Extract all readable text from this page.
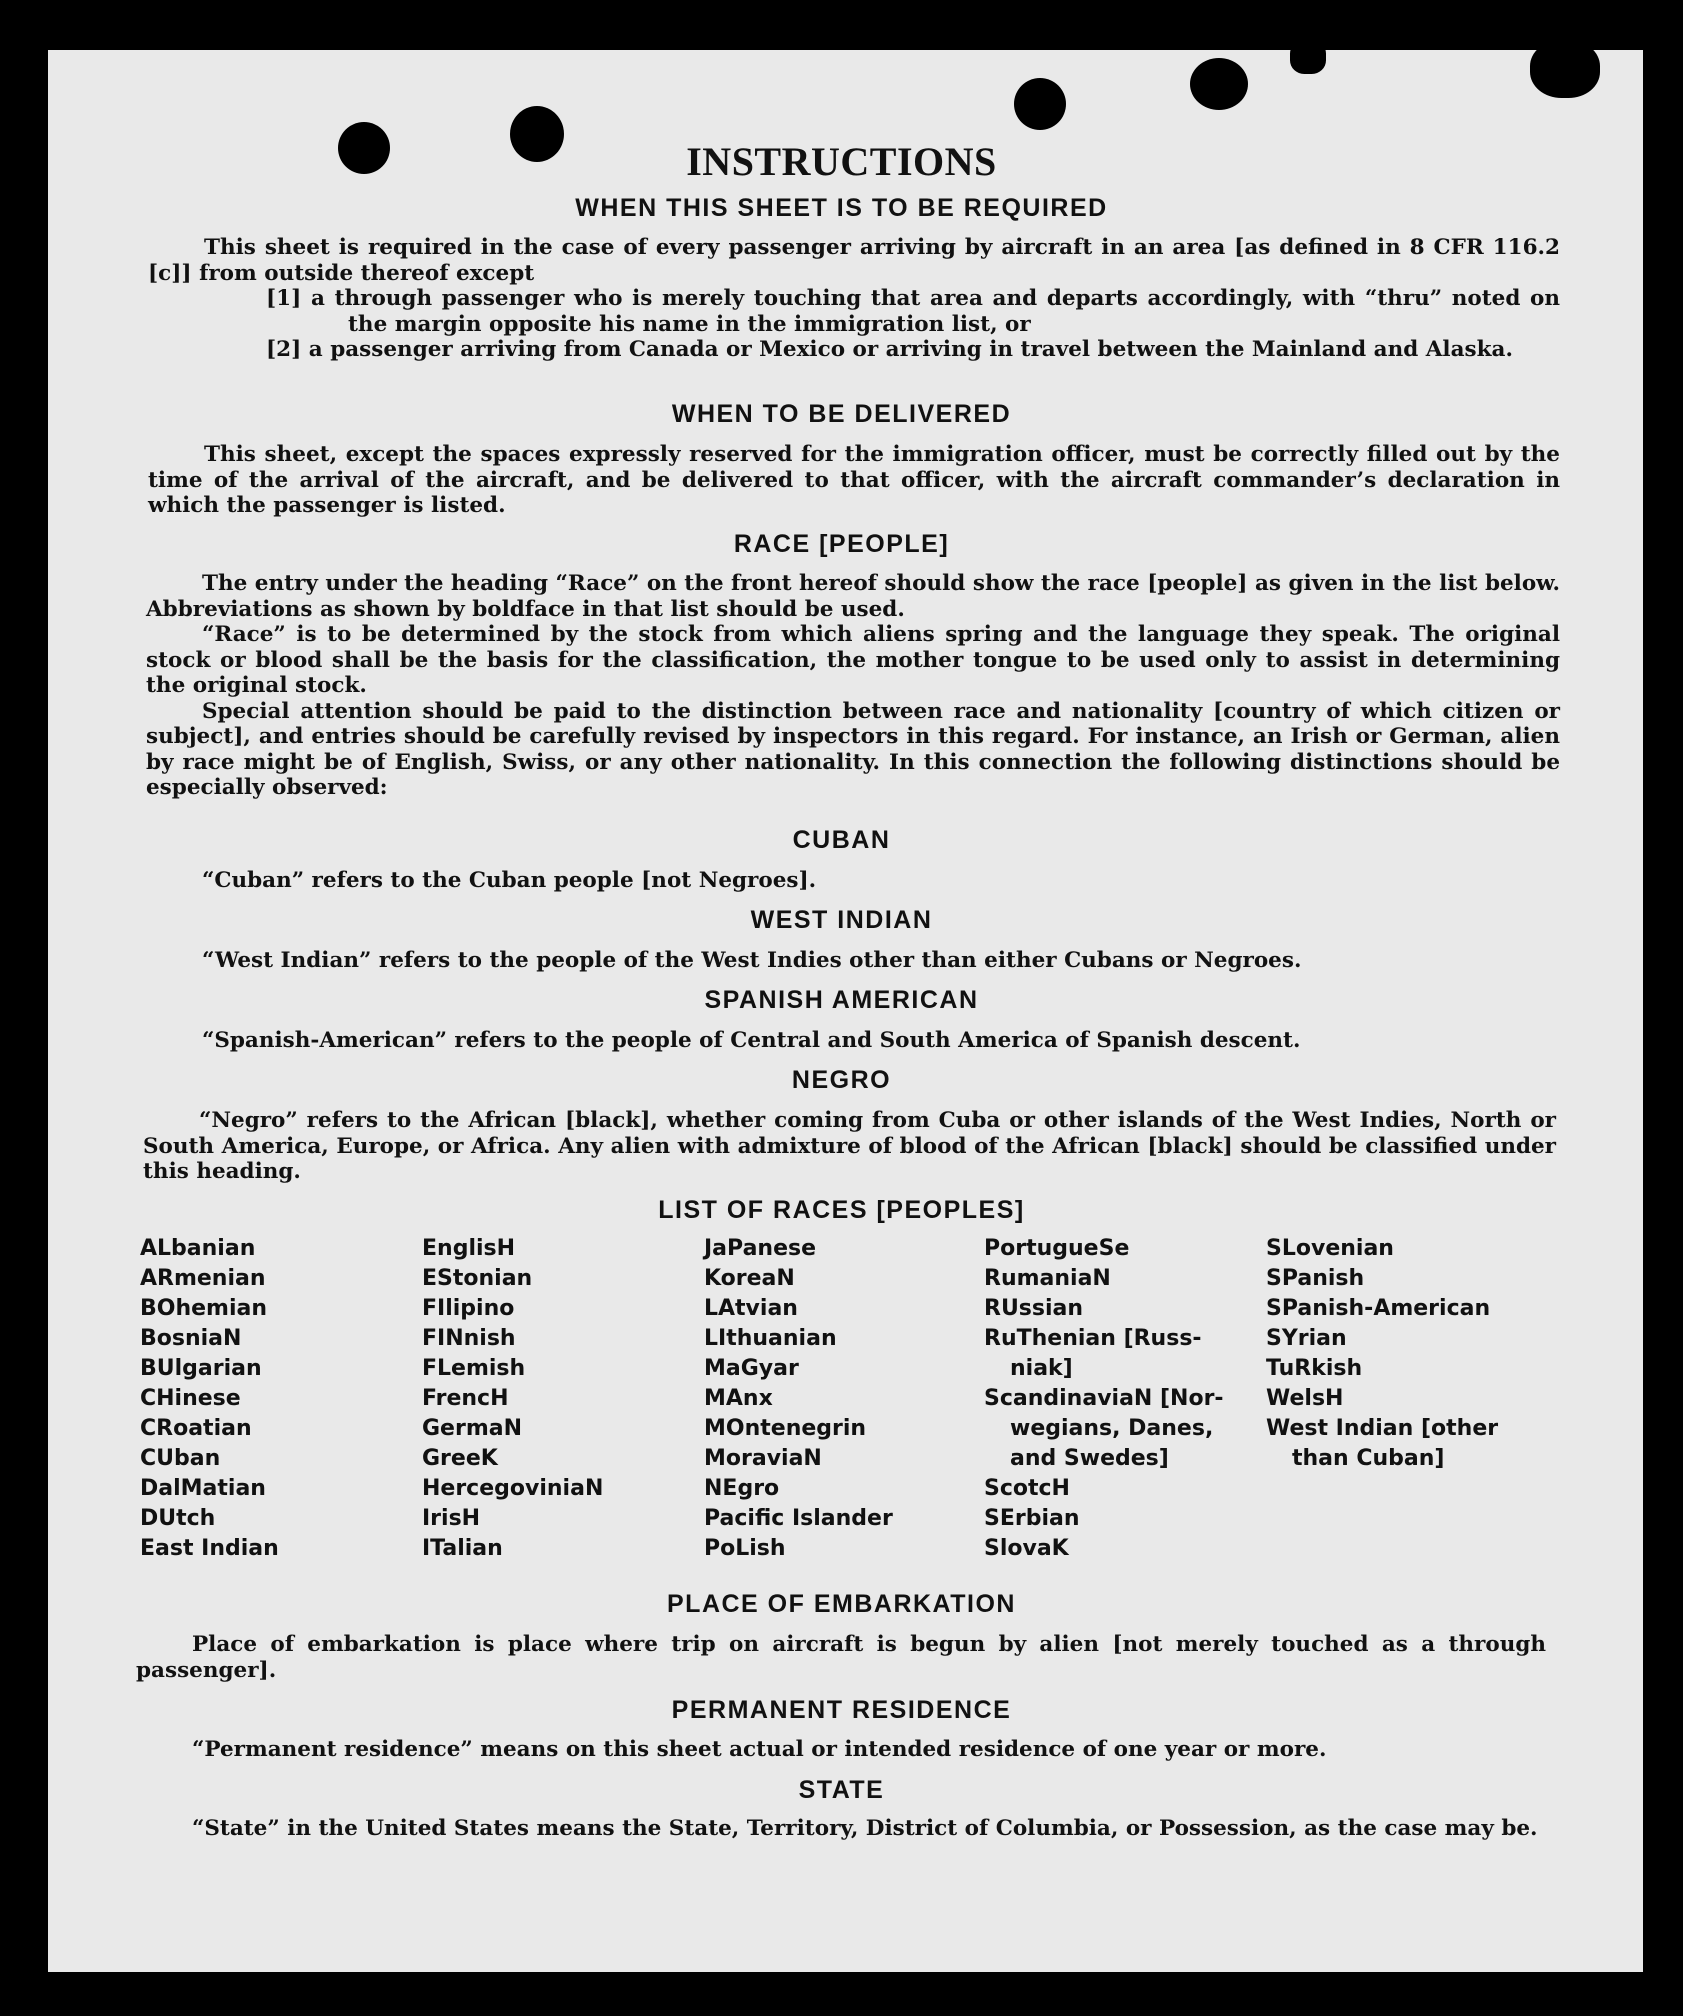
INSTRUCTIONS
WHEN THIS SHEET IS TO BE REQUIRED

This sheet is required in the case of every passenger arriving by aircraft in an area [as defined in 8 CFR 116.2 [c]] from outside thereof except

[1] a through passenger who is merely touching that area and departs accordingly, with “thru” noted on the margin opposite his name in the immigration list, or

[2] a passenger arriving from Canada or Mexico or arriving in travel between the Mainland and Alaska.

WHEN TO BE DELIVERED

This sheet, except the spaces expressly reserved for the immigration officer, must be correctly filled out by the time of the arrival of the aircraft, and be delivered to that officer, with the aircraft commander’s declaration in which the passenger is listed.

RACE [PEOPLE]

The entry under the heading “Race” on the front hereof should show the race [people] as given in the list below. Abbreviations as shown by boldface in that list should be used.

“Race” is to be determined by the stock from which aliens spring and the language they speak. The original stock or blood shall be the basis for the classification, the mother tongue to be used only to assist in determining the original stock.

Special attention should be paid to the distinction between race and nationality [country of which citizen or subject], and entries should be carefully revised by inspectors in this regard. For instance, an Irish or German, alien by race might be of English, Swiss, or any other nationality. In this connection the following distinctions should be especially observed:

CUBAN

“Cuban” refers to the Cuban people [not Negroes].

WEST INDIAN

“West Indian” refers to the people of the West Indies other than either Cubans or Negroes.

SPANISH AMERICAN

“Spanish-American” refers to the people of Central and South America of Spanish descent.

NEGRO

“Negro” refers to the African [black], whether coming from Cuba or other islands of the West Indies, North or South America, Europe, or Africa. Any alien with admixture of blood of the African [black] should be classified under this heading.

LIST OF RACES [PEOPLES]
ALbanian
ARmenian
BOhemian
BosniaN
BUlgarian
CHinese
CRoatian
CUban
DalMatian
DUtch
East Indian
EnglisH
EStonian
FIlipino
FINnish
FLemish
FrencH
GermaN
GreeK
HercegoviniaN
IrisH
ITalian
JaPanese
KoreaN
LAtvian
LIthuanian
MaGyar
MAnx
MOntenegrin
MoraviaN
NEgro
Pacific Islander
PoLish
PortugueSe
RumaniaN
RUssian
RuThenian [Russ-
niak]
ScandinaviaN [Nor-
wegians, Danes,
and Swedes]
ScotcH
SErbian
SlovaK
SLovenian
SPanish
SPanish-American
SYrian
TuRkish
WelsH
West Indian [other
than Cuban]
PLACE OF EMBARKATION

Place of embarkation is place where trip on aircraft is begun by alien [not merely touched as a through passenger].

PERMANENT RESIDENCE

“Permanent residence” means on this sheet actual or intended residence of one year or more.

STATE

“State” in the United States means the State, Territory, District of Columbia, or Possession, as the case may be.
